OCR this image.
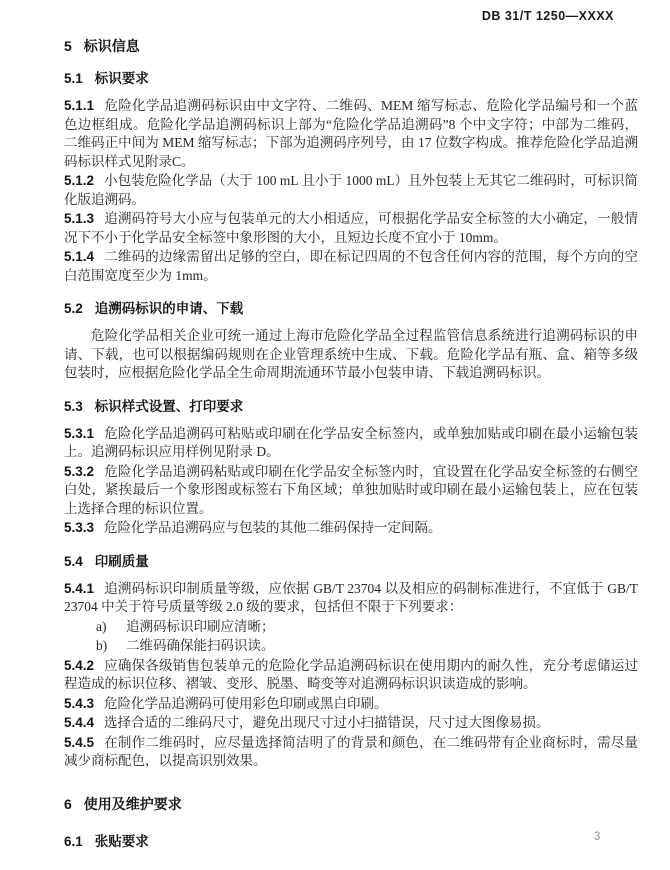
DB 31/T 1250—XXXX
5 标识信息
5.1 标识要求

5.1.1 危险化学品追溯码标识由中文字符、二维码、MEM 缩写标志、危险化学品编号和一个蓝色边框组成。危险化学品追溯码标识上部为“危险化学品追溯码”8 个中文字符；中部为二维码，二维码正中间为 MEM 缩写标志；下部为追溯码序列号，由 17 位数字构成。推荐危险化学品追溯码标识样式见附录C。

5.1.2 小包装危险化学品（大于 100 mL 且小于 1000 mL）且外包装上无其它二维码时，可标识简化版追溯码。

5.1.3 追溯码符号大小应与包装单元的大小相适应，可根据化学品安全标签的大小确定，一般情况下不小于化学品安全标签中象形图的大小，且短边长度不宜小于 10mm。

5.1.4 二维码的边缘需留出足够的空白，即在标记四周的不包含任何内容的范围，每个方向的空白范围宽度至少为 1mm。

5.2 追溯码标识的申请、下载

危险化学品相关企业可统一通过上海市危险化学品全过程监管信息系统进行追溯码标识的申请、下载，也可以根据编码规则在企业管理系统中生成、下载。危险化学品有瓶、盒、箱等多级包装时，应根据危险化学品全生命周期流通环节最小包装申请、下载追溯码标识。

5.3 标识样式设置、打印要求

5.3.1 危险化学品追溯码可粘贴或印刷在化学品安全标签内，或单独加贴或印刷在最小运输包装上。追溯码标识应用样例见附录 D。

5.3.2 危险化学品追溯码粘贴或印刷在化学品安全标签内时，宜设置在化学品安全标签的右侧空白处，紧挨最后一个象形图或标签右下角区域；单独加贴时或印刷在最小运输包装上，应在包装上选择合理的标识位置。

5.3.3 危险化学品追溯码应与包装的其他二维码保持一定间隔。

5.4 印刷质量

5.4.1 追溯码标识印制质量等级，应依据 GB/T 23704 以及相应的码制标准进行，不宜低于 GB/T 23704 中关于符号质量等级 2.0 级的要求，包括但不限于下列要求：

a) 追溯码标识印刷应清晰；

b) 二维码确保能扫码识读。

5.4.2 应确保各级销售包装单元的危险化学品追溯码标识在使用期内的耐久性，充分考虑储运过程造成的标识位移、褶皱、变形、脱墨、畸变等对追溯码标识识读造成的影响。

5.4.3 危险化学品追溯码可使用彩色印刷或黑白印刷。

5.4.4 选择合适的二维码尺寸，避免出现尺寸过小扫描错误，尺寸过大图像易损。

5.4.5 在制作二维码时，应尽量选择简洁明了的背景和颜色，在二维码带有企业商标时，需尽量减少商标配色，以提高识别效果。

6 使用及维护要求
6.1 张贴要求	3
